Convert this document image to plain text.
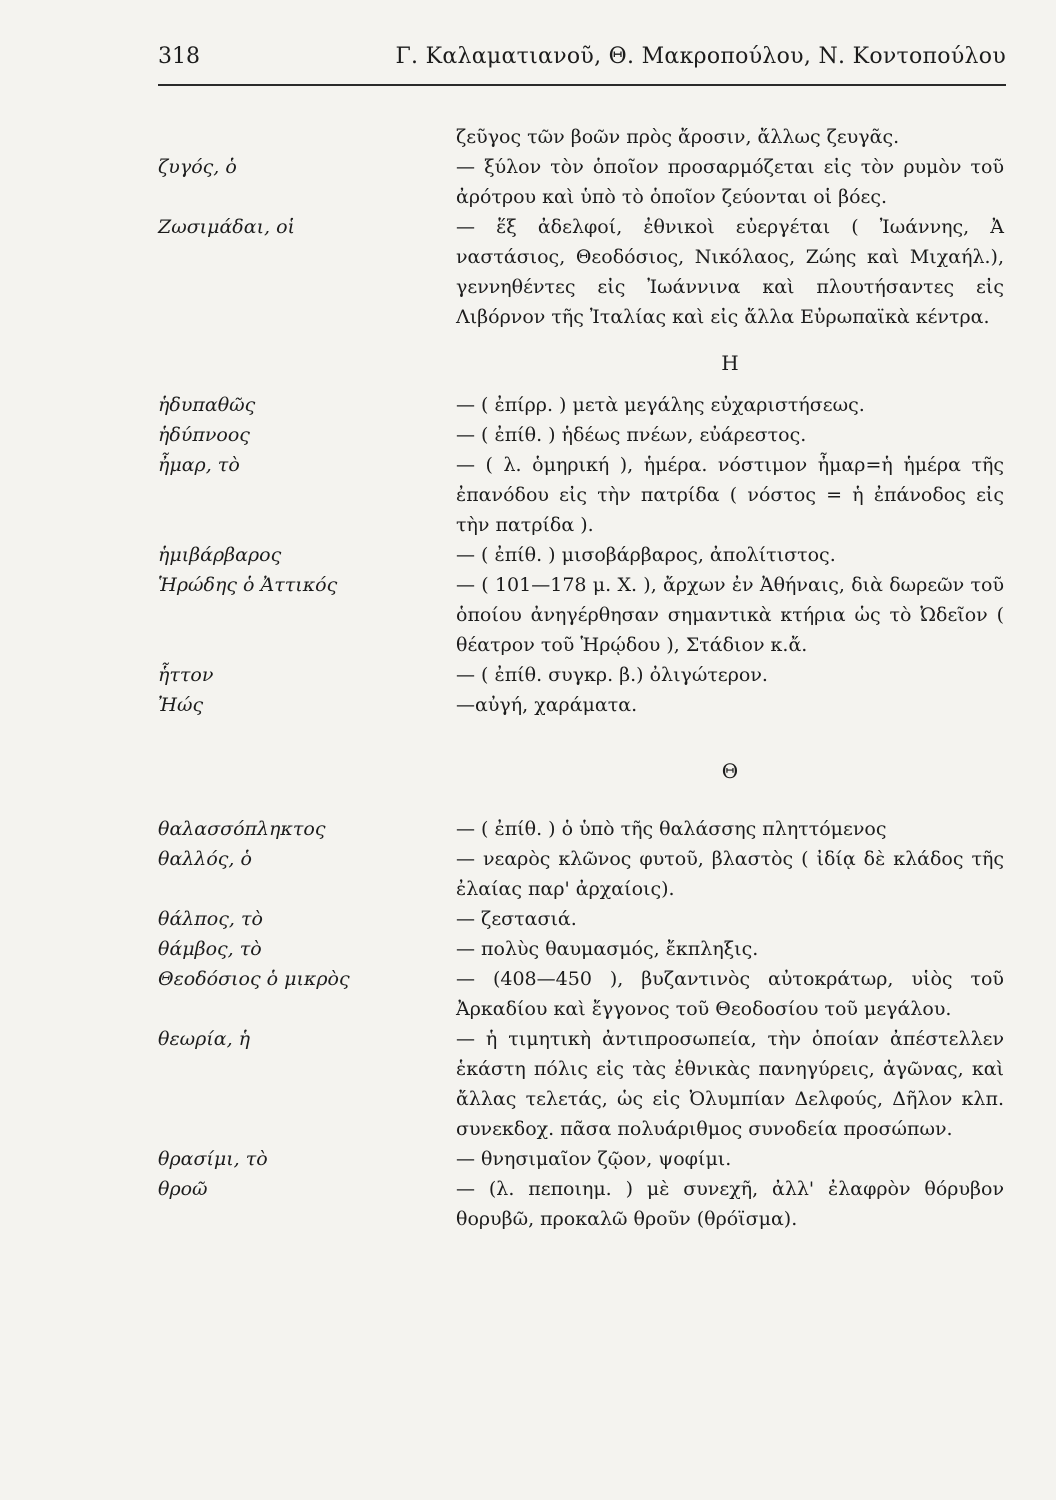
318	Γ. Καλαματιανοῦ, Θ. Μακροπούλου, Ν. Κοντοπούλου
ζεῦγος τῶν βοῶν πρὸς ἄροσιν, ἄλλως ζευγᾶς.
ζυγός, ὁ	— ξύλον τὸν ὁποῖον προσαρμόζεται εἰς τὸν ρυμὸν τοῦ ἀρότρου καὶ ὑπὸ τὸ ὁποῖον ζεύονται οἱ βόες.
Ζωσιμάδαι, οἱ	— ἕξ ἀδελφοί, ἐθνικοὶ εὐεργέται ( Ἰωάννης, Ἀ ναστάσιος, Θεοδόσιος, Νικόλαος, Ζώης καὶ Μιχαήλ.), γεννηθέντες εἰς Ἰωάννινα καὶ πλουτήσαντες εἰς Λιβόρνον τῆς Ἰταλίας καὶ εἰς ἄλλα Εὐρωπαϊκὰ κέντρα.
Η
ἡδυπαθῶς	— ( ἐπίρρ. ) μετὰ μεγάλης εὐχαριστήσεως.
ἡδύπνοος	— ( ἐπίθ. ) ἡδέως πνέων, εὐάρεστος.
ἦμαρ, τὸ	— ( λ. ὁμηρική ), ἡμέρα. νόστιμον ἦμαρ=ἡ ἡμέρα τῆς ἐπανόδου εἰς τὴν πατρίδα ( νόστος = ἡ ἐπάνοδος εἰς τὴν πατρίδα ).
ἡμιβάρβαρος	— ( ἐπίθ. ) μισοβάρβαρος, ἀπολίτιστος.
Ἡρώδης ὁ Ἀττικός	— ( 101—178 μ. Χ. ), ἄρχων ἐν Ἀθήναις, διὰ δωρεῶν τοῦ ὁποίου ἀνηγέρθησαν σημαντικὰ κτήρια ὡς τὸ Ὠδεῖον ( θέατρον τοῦ Ἡρῴδου ), Στάδιον κ.ἄ.
ἧττον	— ( ἐπίθ. συγκρ. β.) ὀλιγώτερον.
Ἠώς	—αὐγή, χαράματα.
Θ
θαλασσόπληκτος	— ( ἐπίθ. ) ὁ ὑπὸ τῆς θαλάσσης πληττόμενος
θαλλός, ὁ	— νεαρὸς κλῶνος φυτοῦ, βλαστὸς ( ἰδίᾳ δὲ κλάδος τῆς ἐλαίας παρ' ἀρχαίοις).
θάλπος, τὸ	— ζεστασιά.
θάμβος, τὸ	— πολὺς θαυμασμός, ἔκπληξις.
Θεοδόσιος ὁ μικρὸς	— (408—450 ), βυζαντινὸς αὐτοκράτωρ, υἱὸς τοῦ Ἀρκαδίου καὶ ἔγγονος τοῦ Θεοδοσίου τοῦ μεγάλου.
θεωρία, ἡ	— ἡ τιμητικὴ ἀντιπροσωπεία, τὴν ὁποίαν ἀπέστελλεν ἑκάστη πόλις εἰς τὰς ἐθνικὰς πανηγύρεις, ἀγῶνας, καὶ ἄλλας τελετάς, ὡς εἰς Ὀλυμπίαν Δελφούς, Δῆλον κλπ. συνεκδοχ. πᾶσα πολυάριθμος συνοδεία προσώπων.
θρασίμι, τὸ	— θνησιμαῖον ζῷον, ψοφίμι.
θροῶ	— (λ. πεποιημ. ) μὲ συνεχῆ, ἀλλ' ἐλαφρὸν θόρυβον θορυβῶ, προκαλῶ θροῦν (θρόϊσμα).
